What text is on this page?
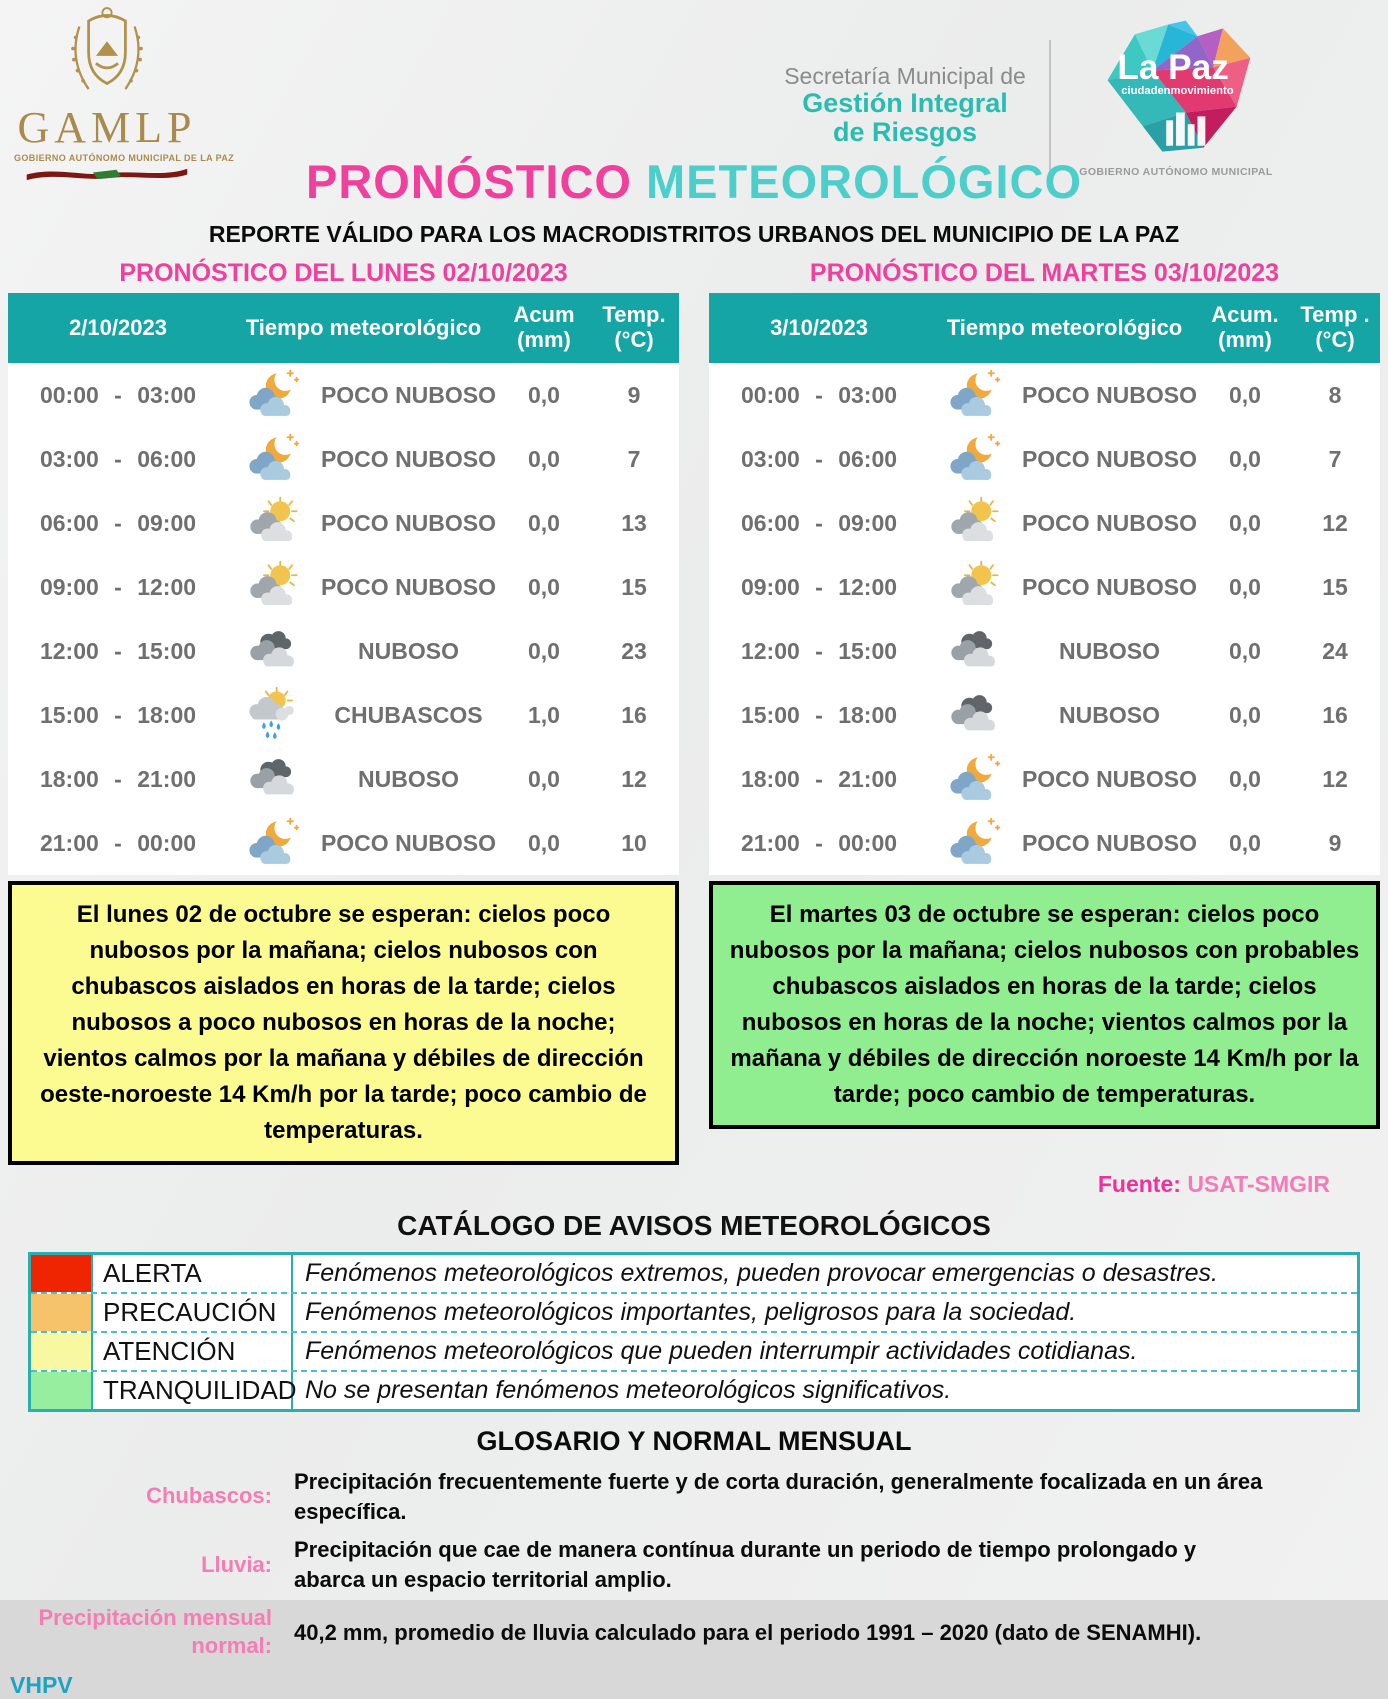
GAMLP
GOBIERNO AUTÓNOMO MUNICIPAL DE LA PAZ
Secretaría Municipal de
Gestión Integral
de Riesgos
La Paz
ciudadenmovimiento
GOBIERNO AUTÓNOMO MUNICIPAL
PRONÓSTICO METEOROLÓGICO
REPORTE VÁLIDO PARA LOS MACRODISTRITOS URBANOS DEL MUNICIPIO DE LA PAZ
PRONÓSTICO DEL LUNES 02/10/2023
2/10/2023	Tiempo meteorológico
Acum
(mm)
Temp.
(°C)
00:00 - 03:00	POCO NUBOSO	0,0	9
03:00 - 06:00	POCO NUBOSO	0,0	7
06:00 - 09:00	POCO NUBOSO	0,0	13
09:00 - 12:00	POCO NUBOSO	0,0	15
12:00 - 15:00	NUBOSO	0,0	23
15:00 - 18:00	CHUBASCOS	1,0	16
18:00 - 21:00	NUBOSO	0,0	12
21:00 - 00:00	POCO NUBOSO	0,0	10
El lunes 02 de octubre se esperan: cielos poco nubosos por la mañana; cielos nubosos con chubascos aislados en horas de la tarde; cielos nubosos a poco nubosos en horas de la noche; vientos calmos por la mañana y débiles de dirección oeste-noroeste 14 Km/h por la tarde; poco cambio de temperaturas.
PRONÓSTICO DEL MARTES 03/10/2023
3/10/2023	Tiempo meteorológico
Acum.
(mm)
Temp .
(°C)
00:00 - 03:00	POCO NUBOSO	0,0	8
03:00 - 06:00	POCO NUBOSO	0,0	7
06:00 - 09:00	POCO NUBOSO	0,0	12
09:00 - 12:00	POCO NUBOSO	0,0	15
12:00 - 15:00	NUBOSO	0,0	24
15:00 - 18:00	NUBOSO	0,0	16
18:00 - 21:00	POCO NUBOSO	0,0	12
21:00 - 00:00	POCO NUBOSO	0,0	9
El martes 03 de octubre se esperan: cielos poco nubosos por la mañana; cielos nubosos con probables chubascos aislados en horas de la tarde; cielos nubosos en horas de la noche; vientos calmos por la mañana y débiles de dirección noroeste 14 Km/h por la tarde; poco cambio de temperaturas.
Fuente: USAT-SMGIR
CATÁLOGO DE AVISOS METEOROLÓGICOS
ALERTA	Fenómenos meteorológicos extremos, pueden provocar emergencias o desastres.
PRECAUCIÓN	Fenómenos meteorológicos importantes, peligrosos para la sociedad.
ATENCIÓN	Fenómenos meteorológicos que pueden interrumpir actividades cotidianas.
TRANQUILIDAD No se presentan fenómenos meteorológicos significativos.
GLOSARIO Y NORMAL MENSUAL
Chubascos:
Precipitación frecuentemente fuerte y de corta duración, generalmente focalizada en un área específica.
Lluvia:
Precipitación que cae de manera contínua durante un periodo de tiempo prolongado y abarca un espacio territorial amplio.
Precipitación mensual normal:
40,2 mm, promedio de lluvia calculado para el periodo 1991 – 2020 (dato de SENAMHI).
VHPV
